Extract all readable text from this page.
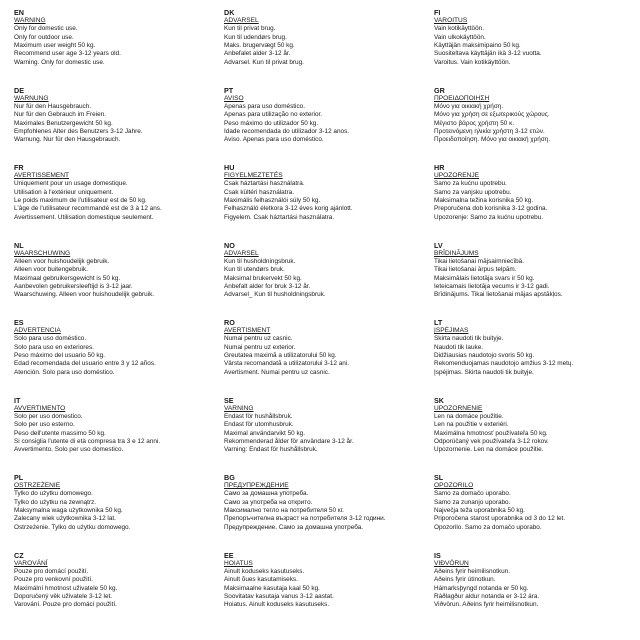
EN
WARNING
Only for domestic use.
Only for outdoor use.
Maximum user weight 50 kg.
Recommend user age 3-12 years old.
Warning. Only for domestic use.
DE
WARNUNG
Nur für den Hausgebrauch.
Nur für den Gebrauch im Freien.
Maximales Benutzergewicht 50 kg.
Empfohlenes Alter des Benutzers 3-12 Jahre.
Warnung. Nur für den Hausgebrauch.
FR
AVERTISSEMENT
Uniquement pour un usage domestique.
Utilisation à l'extérieur uniquement.
Le poids maximum de l'utilisateur est de 50 kg.
L'âge de l'utilisateur recommandé est de 3 à 12 ans.
Avertissement. Utilisation domestique seulement.
NL
WAARSCHUWING
Alleen voor huishoudelijk gebruik.
Alleen voor buitengebruik.
Maximaal gebruikersgewicht is 50 kg.
Aanbevolen gebruikersleeftijd is 3-12 jaar.
Waarschuwing. Alleen voor huishoudelijk gebruik.
ES
ADVERTENCIA
Solo para uso doméstico.
Solo para uso en exteriores.
Peso máximo del usuario 50 kg.
Edad recomendada del usuario entre 3 y 12 años.
Atención. Solo para uso doméstico.
IT
AVVERTIMENTO
Solo per uso domestico.
Solo per uso esterno.
Peso dell'utente massimo 50 kg.
Si consiglia l'utente di età compresa tra 3 e 12 anni.
Avvertimento. Solo per uso domestico.
PL
OSTRZEŻENIE
Tylko do użytku domowego.
Tylko do użytku na zewnątrz.
Maksymalna waga użytkownika 50 kg.
Zalecany wiek użytkownika 3-12 lat.
Ostrzeżenie. Tylko do użytku domowego.
CZ
VAROVÁNÍ
Pouze pro domácí použití.
Pouze pro venkovní použití.
Maximální hmotnost uživatele 50 kg.
Doporučený věk uživatele 3-12 let.
Varování. Pouze pro domácí použití.
DK
ADVARSEL
Kun til privat brug.
Kun til udendørs brug.
Maks. brugervægt 50 kg.
Anbefalet alder 3-12 år.
Advarsel. Kun til privat brug.
PT
AVISO
Apenas para uso doméstico.
Apenas para utilização no exterior.
Peso máximo do utilizador 50 kg.
Idade recomendada do utilizador 3-12 anos.
Aviso. Apenas para uso doméstico.
HU
FIGYELMEZTETÉS
Csak háztartási használatra.
Csak kültéri használatra.
Maximális felhasználói súly 50 kg.
Felhasználó életkora 3-12 éves korig ajánlott.
Figyelem. Csak háztartási használatra.
NO
ADVARSEL
Kun til husholdningsbruk.
Kun til utendørs bruk.
Maksimal brukervekt 50 kg.
Anbefalt alder for bruk 3-12 år.
Advarsel_ Kun til husholdningsbruk.
RO
AVERTISMENT
Numai pentru uz casnic.
Numai pentru uz exterior.
Greutatea maximă a utilizatorului 50 kg.
Vârsta recomandată a utilizatorului 3-12 ani.
Avertisment. Numai pentru uz casnic.
SE
VARNING
Endast för hushållsbruk.
Endast för utomhusbruk.
Maximal användarvikt 50 kg.
Rekommenderad ålder för användare 3-12 år.
Varning: Endast för hushållsbruk.
BG
ПРЕДУПРЕЖДЕНИЕ
Само за домашна употреба.
Само за употреба на открито.
Максимално тегло на потребителя 50 кг.
Препоръчителна възраст на потребителя 3-12 години.
Предупреждение. Само за домашна употреба.
EE
HOIATUS
Ainult koduseks kasutuseks.
Ainult õues kasutamiseks.
Maksimaalne kasutaja kaal 50 kg.
Soovitatav kasutaja vanus 3-12 aastat.
Hoiatus. Ainult koduseks kasutuseks.
FI
VAROITUS
Vain kotikäyttöön.
Vain ulkokäyttöön.
Käyttäjän maksimipaino 50 kg.
Suositeltava käyttäjän ikä 3-12 vuotta.
Varoitus. Vain kotikäyttöön.
GR
ΠΡΟΕΙΔΟΠΟΙΗΣΗ
Μόνο για οικιακή χρήση.
Μόνο για χρήση σε εξωτερικούς χώρους.
Μέγιστο βάρος χρήστη 50 κ.
Προτεινόμενη ηλικία χρήστη 3-12 ετών.
Προειδοποίηση. Μόνο για οικιακή χρήση.
HR
UPOZORENJE
Samo za kućnu upotrebu.
Samo za vanjsku upotrebu.
Maksimalna težina korisnika 50 kg.
Preporučena dob korisnika 3-12 godina.
Upozorenje: Samo za kućnu upotrebu.
LV
BRĪDINĀJUMS
Tikai lietošanai mājsaimniecībā.
Tikai lietošanai ārpus telpām.
Maksimālais lietotāja svars ir 50 kg.
Ieteicamais lietotāja vecums ir 3-12 gadi.
Brīdinājums. Tikai lietošanai mājas apstākļos.
LT
ĮSPĖJIMAS
Skirta naudoti tik buityje.
Naudoti tik lauke.
Didžiausias naudotojo svoris 50 kg.
Rekomenduojamas naudotojo amžius 3-12 metų.
Įspėjimas. Skirta naudoti tik buityje.
SK
UPOZORNENIE
Len na domáce použitie.
Len na použitie v exteriéri.
Maximálna hmotnosť používateľa 50 kg.
Odporúčaný vek používateľa 3-12 rokov.
Upozornenie. Len na domáce použitie.
SL
OPOZORILO
Samo za domačo uporabo.
Samo za zunanjo uporabo.
Največja teža uporabnika 50 kg.
Priporočena starost uporabnika od 3 do 12 let.
Opozorilo. Samo za domačo uporabo.
IS
VIÐVÖRUN
Aðeins fyrir heimilisnotkun.
Aðeins fyrir útinotkun.
Hámarksþyngd notanda er 50 kg.
Ráðlagður aldur notanda er 3-12 ára.
Viðvörun. Aðeins fyrir heimilisnotkun.
